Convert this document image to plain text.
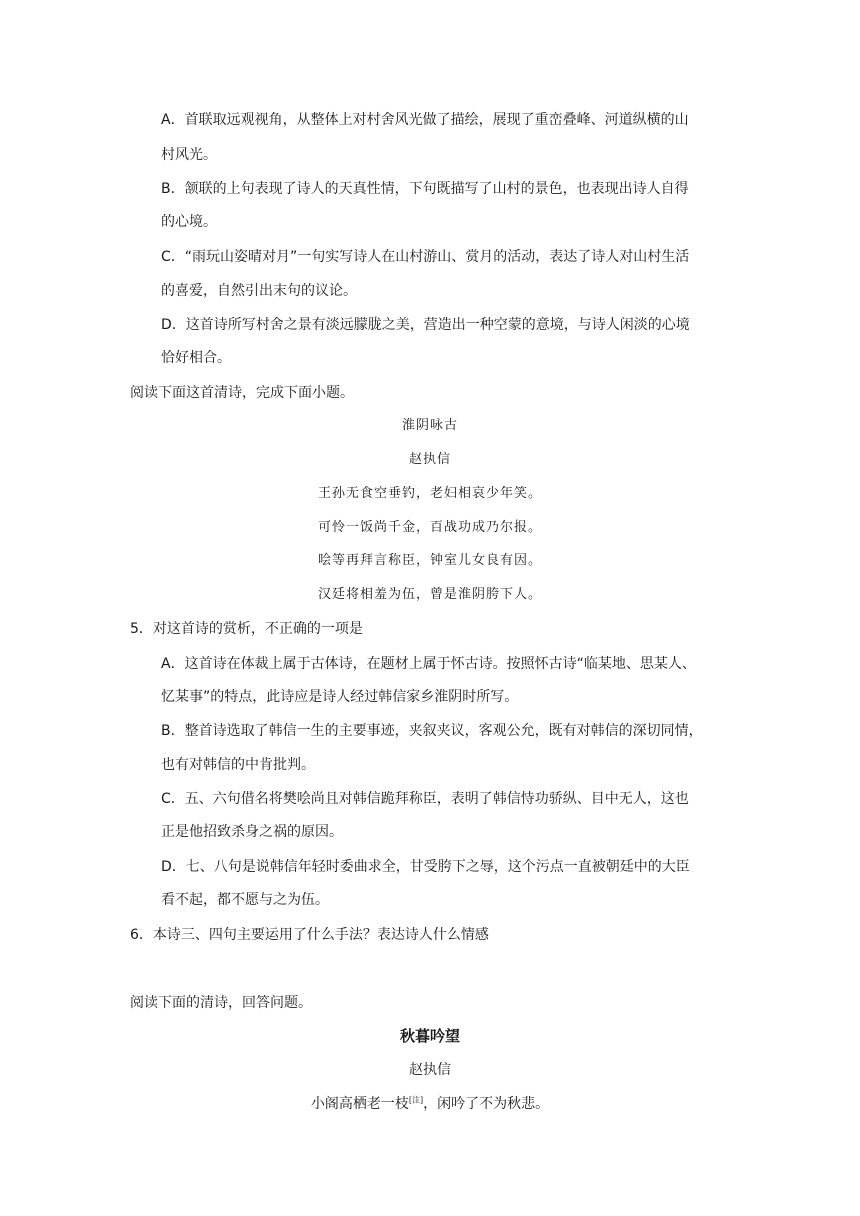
A．首联取远观视角，从整体上对村舍风光做了描绘，展现了重峦叠峰、河道纵横的山
村风光。
B．颔联的上句表现了诗人的天真性情，下句既描写了山村的景色，也表现出诗人自得
的心境。
C．“雨玩山姿晴对月”一句实写诗人在山村游山、赏月的活动，表达了诗人对山村生活
的喜爱，自然引出末句的议论。
D．这首诗所写村舍之景有淡远朦胧之美，营造出一种空蒙的意境，与诗人闲淡的心境
恰好相合。
阅读下面这首清诗，完成下面小题。
淮阴咏古
赵执信
王孙无食空垂钓，老妇相哀少年笑。
可怜一饭尚千金，百战功成乃尔报。
哙等再拜言称臣，钟室儿女良有因。
汉廷将相羞为伍，曾是淮阴胯下人。
5．对这首诗的赏析，不正确的一项是
A．这首诗在体裁上属于古体诗，在题材上属于怀古诗。按照怀古诗“临某地、思某人、
忆某事”的特点，此诗应是诗人经过韩信家乡淮阴时所写。
B．整首诗选取了韩信一生的主要事迹，夹叙夹议，客观公允，既有对韩信的深切同情，
也有对韩信的中肯批判。
C．五、六句借名将樊哙尚且对韩信跪拜称臣，表明了韩信恃功骄纵、目中无人，这也
正是他招致杀身之祸的原因。
D．七、八句是说韩信年轻时委曲求全，甘受胯下之辱，这个污点一直被朝廷中的大臣
看不起，都不愿与之为伍。
6．本诗三、四句主要运用了什么手法？表达诗人什么情感
阅读下面的清诗，回答问题。
秋暮吟望
赵执信
小阁高栖老一枝[注]，闲吟了不为秋悲。
